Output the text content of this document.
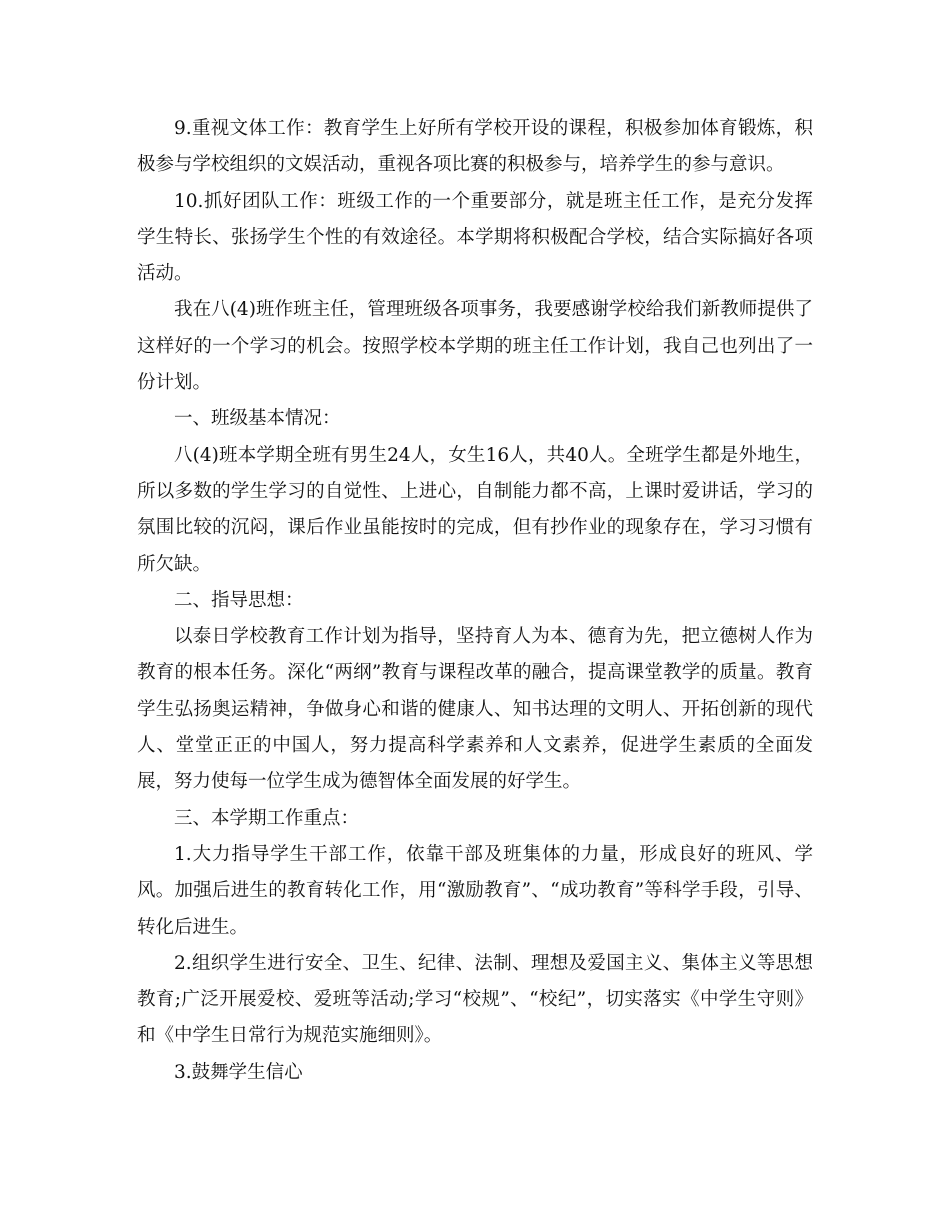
9.重视文体工作：教育学生上好所有学校开设的课程，积极参加体育锻炼，积极参与学校组织的文娱活动，重视各项比赛的积极参与，培养学生的参与意识。

10.抓好团队工作：班级工作的一个重要部分，就是班主任工作，是充分发挥学生特长、张扬学生个性的有效途径。本学期将积极配合学校，结合实际搞好各项活动。

我在八(4)班作班主任，管理班级各项事务，我要感谢学校给我们新教师提供了这样好的一个学习的机会。按照学校本学期的班主任工作计划，我自己也列出了一份计划。

一、班级基本情况：

八(4)班本学期全班有男生24人，女生16人，共40人。全班学生都是外地生，所以多数的学生学习的自觉性、上进心，自制能力都不高，上课时爱讲话，学习的氛围比较的沉闷，课后作业虽能按时的完成，但有抄作业的现象存在，学习习惯有所欠缺。

二、指导思想：

以泰日学校教育工作计划为指导，坚持育人为本、德育为先，把立德树人作为教育的根本任务。深化“两纲”教育与课程改革的融合，提高课堂教学的质量。教育学生弘扬奥运精神，争做身心和谐的健康人、知书达理的文明人、开拓创新的现代人、堂堂正正的中国人，努力提高科学素养和人文素养，促进学生素质的全面发展，努力使每一位学生成为德智体全面发展的好学生。

三、本学期工作重点：

1.大力指导学生干部工作，依靠干部及班集体的力量，形成良好的班风、学风。加强后进生的教育转化工作，用“激励教育”、“成功教育”等科学手段，引导、转化后进生。

2.组织学生进行安全、卫生、纪律、法制、理想及爱国主义、集体主义等思想教育;广泛开展爱校、爱班等活动;学习“校规”、“校纪”，切实落实《中学生守则》和《中学生日常行为规范实施细则》。

3.鼓舞学生信心
